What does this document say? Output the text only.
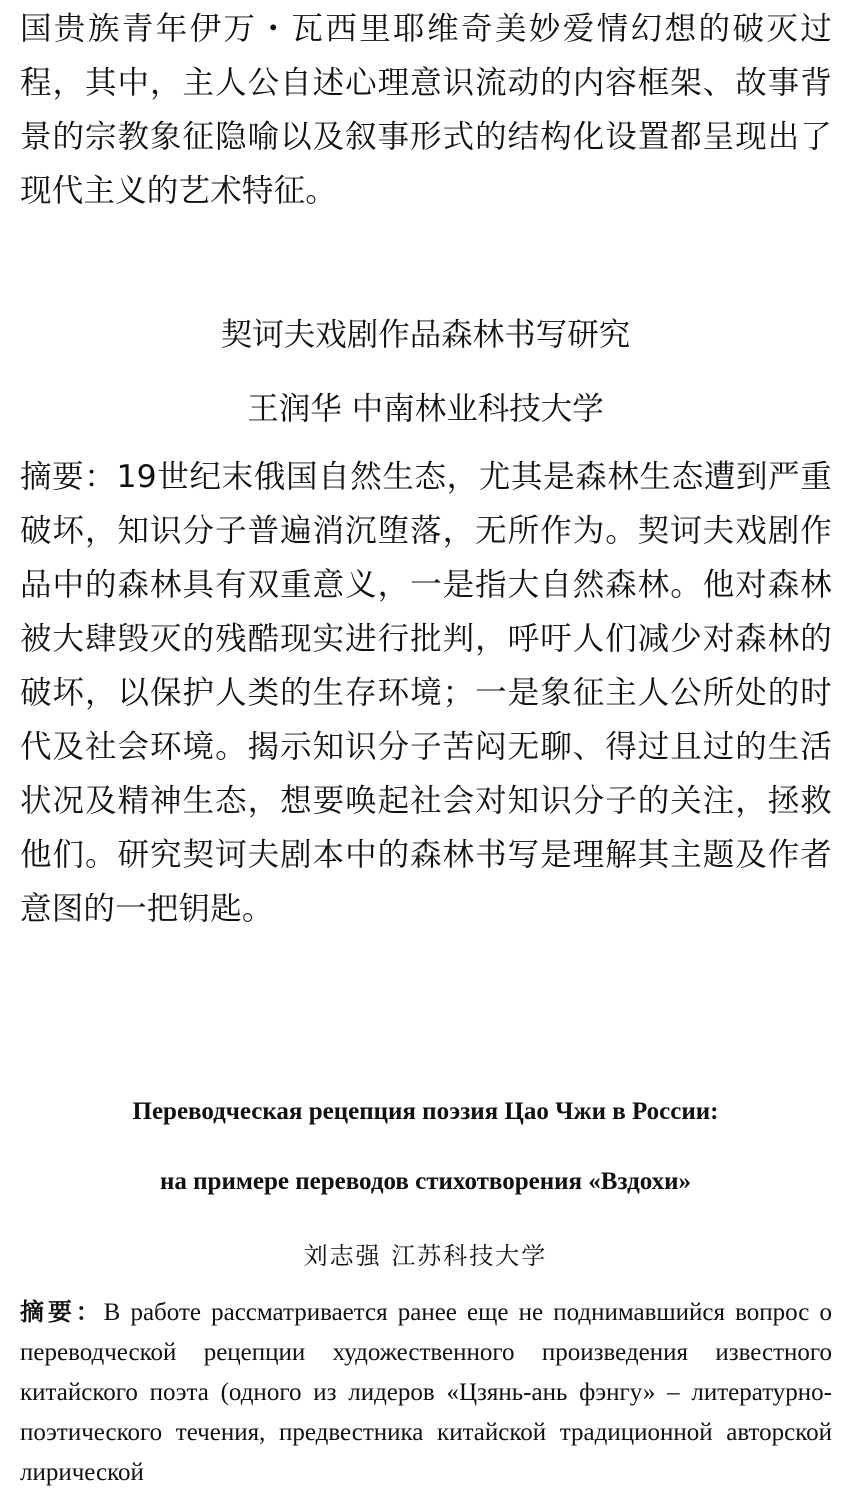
国贵族青年伊万・瓦西里耶维奇美妙爱情幻想的破灭过程，其中，主人公自述心理意识流动的内容框架、故事背景的宗教象征隐喻以及叙事形式的结构化设置都呈现出了现代主义的艺术特征。

契诃夫戏剧作品森林书写研究
王润华 中南林业科技大学

摘要：19世纪末俄国自然生态，尤其是森林生态遭到严重破坏，知识分子普遍消沉堕落，无所作为。契诃夫戏剧作品中的森林具有双重意义，一是指大自然森林。他对森林被大肆毁灭的残酷现实进行批判，呼吁人们减少对森林的破坏，以保护人类的生存环境；一是象征主人公所处的时代及社会环境。揭示知识分子苦闷无聊、得过且过的生活状况及精神生态，想要唤起社会对知识分子的关注，拯救他们。研究契诃夫剧本中的森林书写是理解其主题及作者意图的一把钥匙。

Переводческая рецепция поэзия Цао Чжи в России:
на примере переводов стихотворения «Вздохи»
刘志强 江苏科技大学

摘要：В работе рассматривается ранее еще не поднимавшийся вопрос о переводческой рецепции художественного произведения известного китайского поэта (одного из лидеров «Цзянь-ань фэнгу» – литературно-поэтического течения, предвестника китайской традиционной авторской лирической
